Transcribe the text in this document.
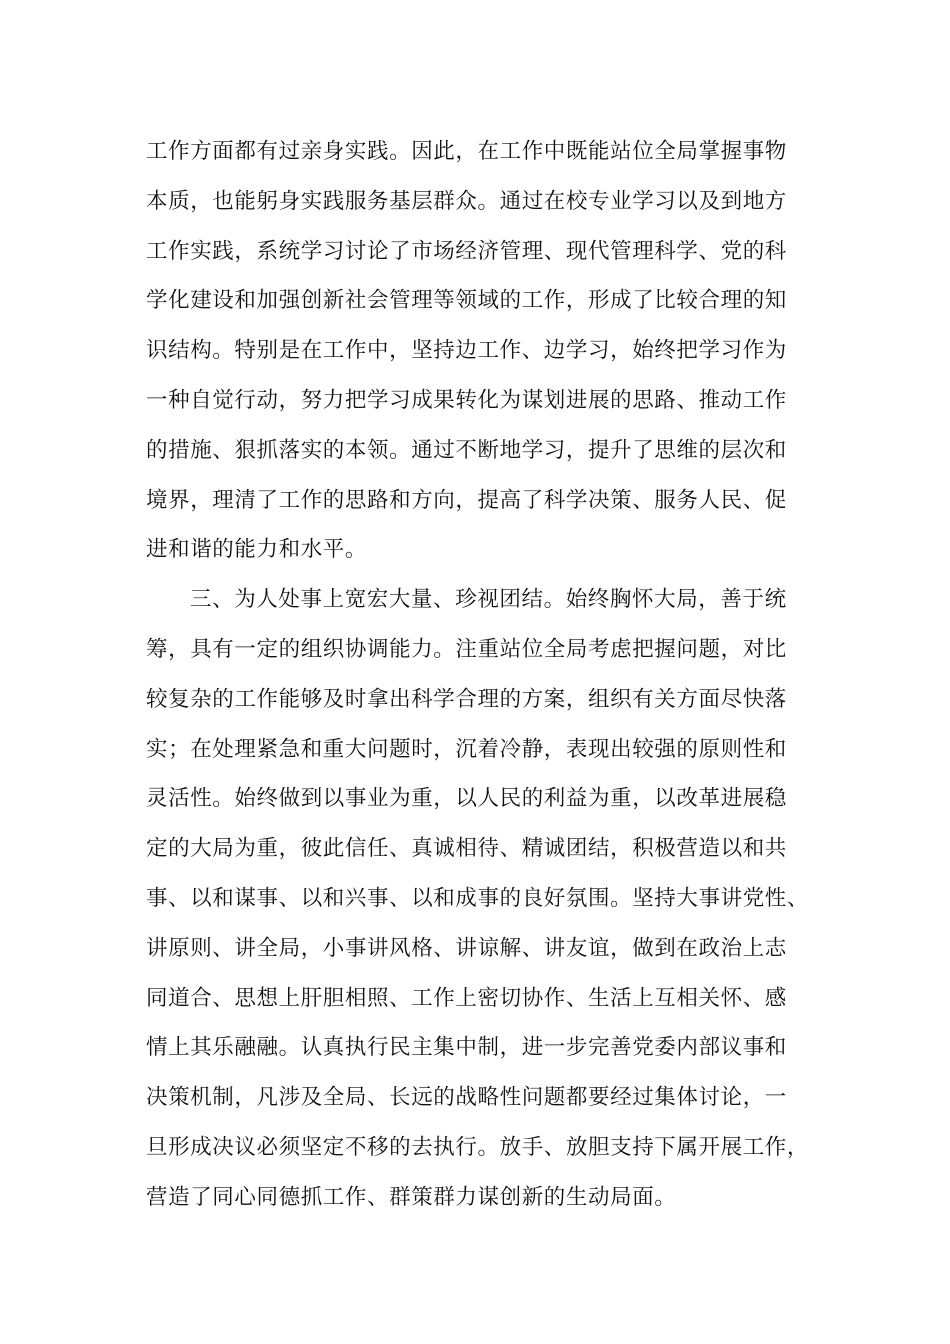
工作方面都有过亲身实践。因此，在工作中既能站位全局掌握事物
本质，也能躬身实践服务基层群众。通过在校专业学习以及到地方
工作实践，系统学习讨论了市场经济管理、现代管理科学、党的科
学化建设和加强创新社会管理等领域的工作，形成了比较合理的知
识结构。特别是在工作中，坚持边工作、边学习，始终把学习作为
一种自觉行动，努力把学习成果转化为谋划进展的思路、推动工作
的措施、狠抓落实的本领。通过不断地学习，提升了思维的层次和
境界，理清了工作的思路和方向，提高了科学决策、服务人民、促
进和谐的能力和水平。
三、为人处事上宽宏大量、珍视团结。始终胸怀大局，善于统
筹，具有一定的组织协调能力。注重站位全局考虑把握问题，对比
较复杂的工作能够及时拿出科学合理的方案，组织有关方面尽快落
实；在处理紧急和重大问题时，沉着冷静，表现出较强的原则性和
灵活性。始终做到以事业为重，以人民的利益为重，以改革进展稳
定的大局为重，彼此信任、真诚相待、精诚团结，积极营造以和共
事、以和谋事、以和兴事、以和成事的良好氛围。坚持大事讲党性、
讲原则、讲全局，小事讲风格、讲谅解、讲友谊，做到在政治上志
同道合、思想上肝胆相照、工作上密切协作、生活上互相关怀、感
情上其乐融融。认真执行民主集中制，进一步完善党委内部议事和
决策机制，凡涉及全局、长远的战略性问题都要经过集体讨论，一
旦形成决议必须坚定不移的去执行。放手、放胆支持下属开展工作，
营造了同心同德抓工作、群策群力谋创新的生动局面。
